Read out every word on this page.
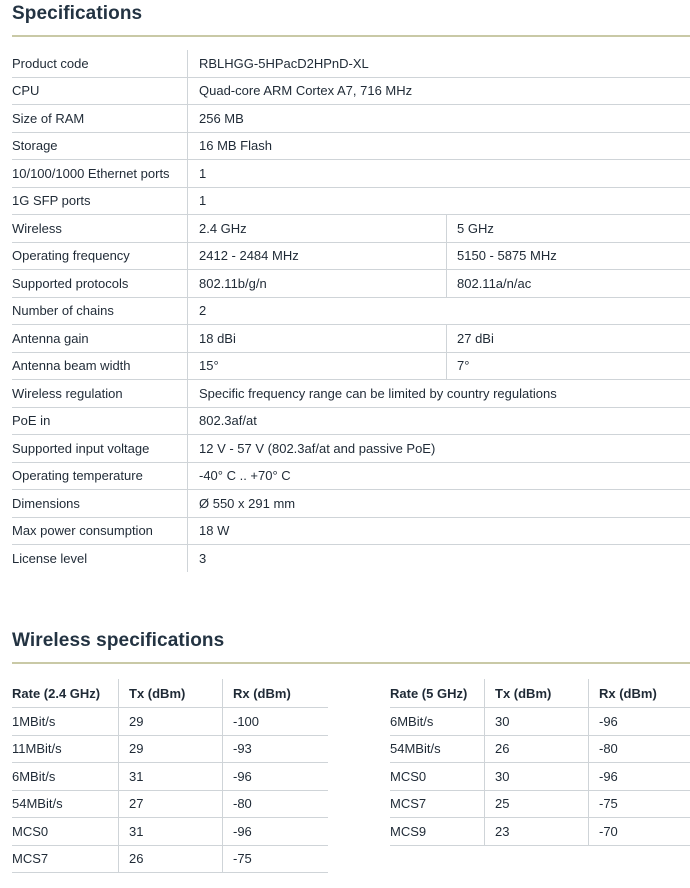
Specifications
Product code	RBLHGG-5HPacD2HPnD-XL	
CPU	Quad-core ARM Cortex A7, 716 MHz	
Size of RAM	256 MB	
Storage	16 MB Flash	
10/100/1000 Ethernet ports	1	
1G SFP ports	1	
Wireless	2.4 GHz	5 GHz
Operating frequency	2412 - 2484 MHz	5150 - 5875 MHz
Supported protocols	802.11b/g/n	802.11a/n/ac
Number of chains	2	
Antenna gain	18 dBi	27 dBi
Antenna beam width	15°	7°
Wireless regulation	Specific frequency range can be limited by country regulations	
PoE in	802.3af/at	
Supported input voltage	12 V - 57 V (802.3af/at and passive PoE)	
Operating temperature	-40° C .. +70° C	
Dimensions	Ø 550 x 291 mm	
Max power consumption	18 W	
License level	3	
Wireless specifications
Rate (2.4 GHz)	Tx (dBm)	Rx (dBm)
1MBit/s	29	-100
11MBit/s	29	-93
6MBit/s	31	-96
54MBit/s	27	-80
MCS0	31	-96
MCS7	26	-75
Rate (5 GHz)	Tx (dBm)	Rx (dBm)
6MBit/s	30	-96
54MBit/s	26	-80
MCS0	30	-96
MCS7	25	-75
MCS9	23	-70
